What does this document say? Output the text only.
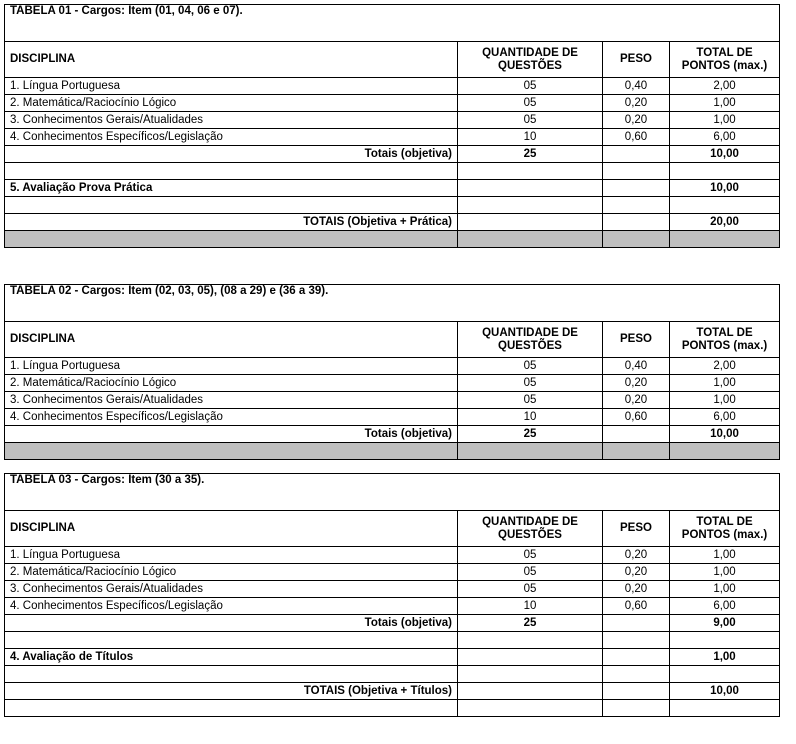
TABELA 01 - Cargos: Item (01, 04, 06 e 07).			
DISCIPLINA	QUANTIDADE DE QUESTÕES	PESO	TOTAL DE PONTOS (max.)
1. Língua Portuguesa	05	0,40	2,00
2. Matemática/Raciocínio Lógico	05	0,20	1,00
3. Conhecimentos Gerais/Atualidades	05	0,20	1,00
4. Conhecimentos Específicos/Legislação	10	0,60	6,00
Totais (objetiva)	25		10,00

5. Avaliação Prova Prática			10,00

TOTAIS (Objetiva + Prática)			20,00

TABELA 02 - Cargos: Item (02, 03, 05), (08 a 29) e (36 a 39).			
DISCIPLINA	QUANTIDADE DE QUESTÕES	PESO	TOTAL DE PONTOS (max.)
1. Língua Portuguesa	05	0,40	2,00
2. Matemática/Raciocínio Lógico	05	0,20	1,00
3. Conhecimentos Gerais/Atualidades	05	0,20	1,00
4. Conhecimentos Específicos/Legislação	10	0,60	6,00
Totais (objetiva)	25		10,00

TABELA 03 - Cargos: Item (30 a 35).			
DISCIPLINA	QUANTIDADE DE QUESTÕES	PESO	TOTAL DE PONTOS (max.)
1. Língua Portuguesa	05	0,20	1,00
2. Matemática/Raciocínio Lógico	05	0,20	1,00
3. Conhecimentos Gerais/Atualidades	05	0,20	1,00
4. Conhecimentos Específicos/Legislação	10	0,60	6,00
Totais (objetiva)	25		9,00

4. Avaliação de Títulos			1,00

TOTAIS (Objetiva + Títulos)			10,00
